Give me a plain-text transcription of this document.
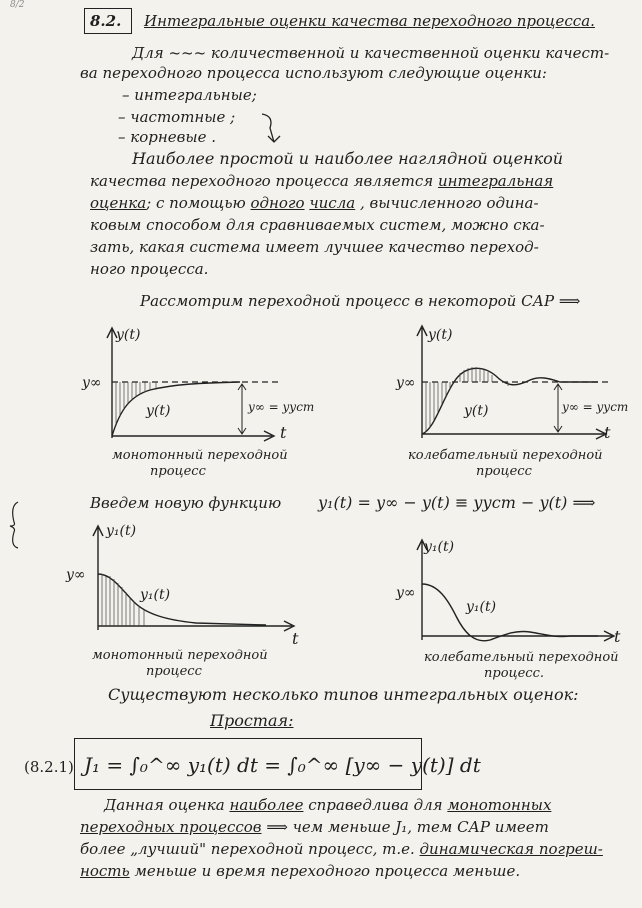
8/2
8.2. Интегральные оценки качества переходного процесса.
Для ~~~ количественной и качественной оценки качест-
ва переходного процесса используют следующие оценки:
– интегральные;
– частотные ;
– корневые .
Наиболее простой и наиболее наглядной оценкой
качества переходного процесса является интегральная
оценка; с помощью одного числа , вычисленного одина-
ковым способом для сравниваемых систем, можно ска-
зать, какая система имеет лучшее качество переход-
ного процесса.
Рассмотрим переходной процесс в некоторой САР ⟹
y(t)
y∞
y(t)	y∞ = yуст
t
монотонный переходной
процесс
y(t)
y∞
y(t)	y∞ = yуст
t
колебательный переходной
процесс
Введем новую функцию y₁(t) = y∞ − y(t) ≡ yуст − y(t) ⟹
y₁(t)
y∞
y₁(t)
t
монотонный переходной
процесс
y₁(t)
y∞
y₁(t)
t
колебательный переходной
процесс.
Существуют несколько типов интегральных оценок:
Простая:
(8.2.1) J₁ = ∫₀^∞ y₁(t) dt = ∫₀^∞ [y∞ − y(t)] dt
Данная оценка наиболее справедлива для монотонных
переходных процессов ⟹ чем меньше J₁, тем САР имеет
более „лучший" переходной процесс, т.е. динамическая погреш-
ность меньше и время переходного процесса меньше.
